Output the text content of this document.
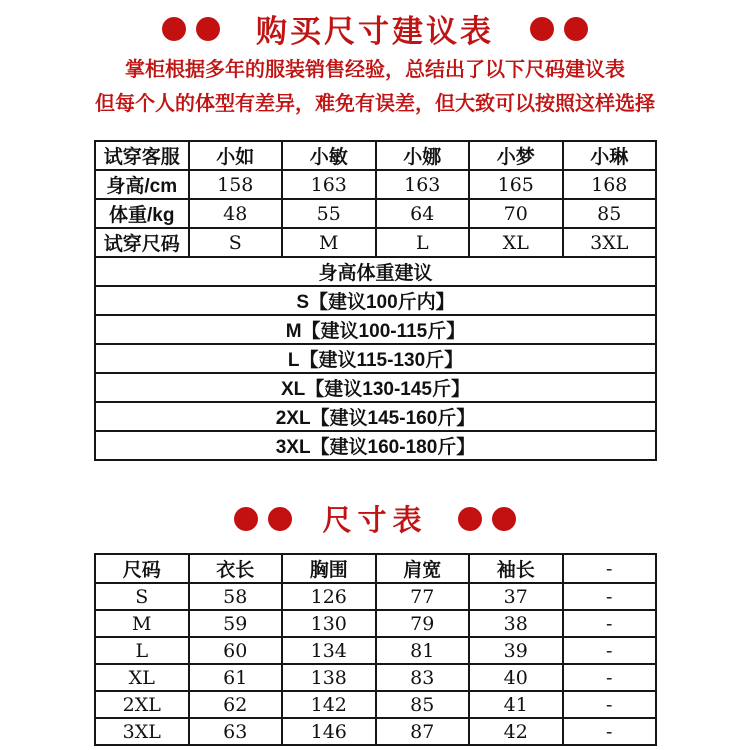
购买尺寸建议表
掌柜根据多年的服装销售经验，总结出了以下尺码建议表
但每个人的体型有差异，难免有误差，但大致可以按照这样选择
试穿客服	小如	小敏	小娜	小梦	小琳
身高/cm	158	163	163	165	168
体重/kg	48	55	64	70	85
试穿尺码	S	M	L	XL	3XL
身高体重建议					
S【建议100斤内】					
M【建议100-115斤】					
L【建议115-130斤】					
XL【建议130-145斤】					
2XL【建议145-160斤】					
3XL【建议160-180斤】					
尺寸表
尺码	衣长	胸围	肩宽	袖长	-
S	58	126	77	37	-
M	59	130	79	38	-
L	60	134	81	39	-
XL	61	138	83	40	-
2XL	62	142	85	41	-
3XL	63	146	87	42	-
